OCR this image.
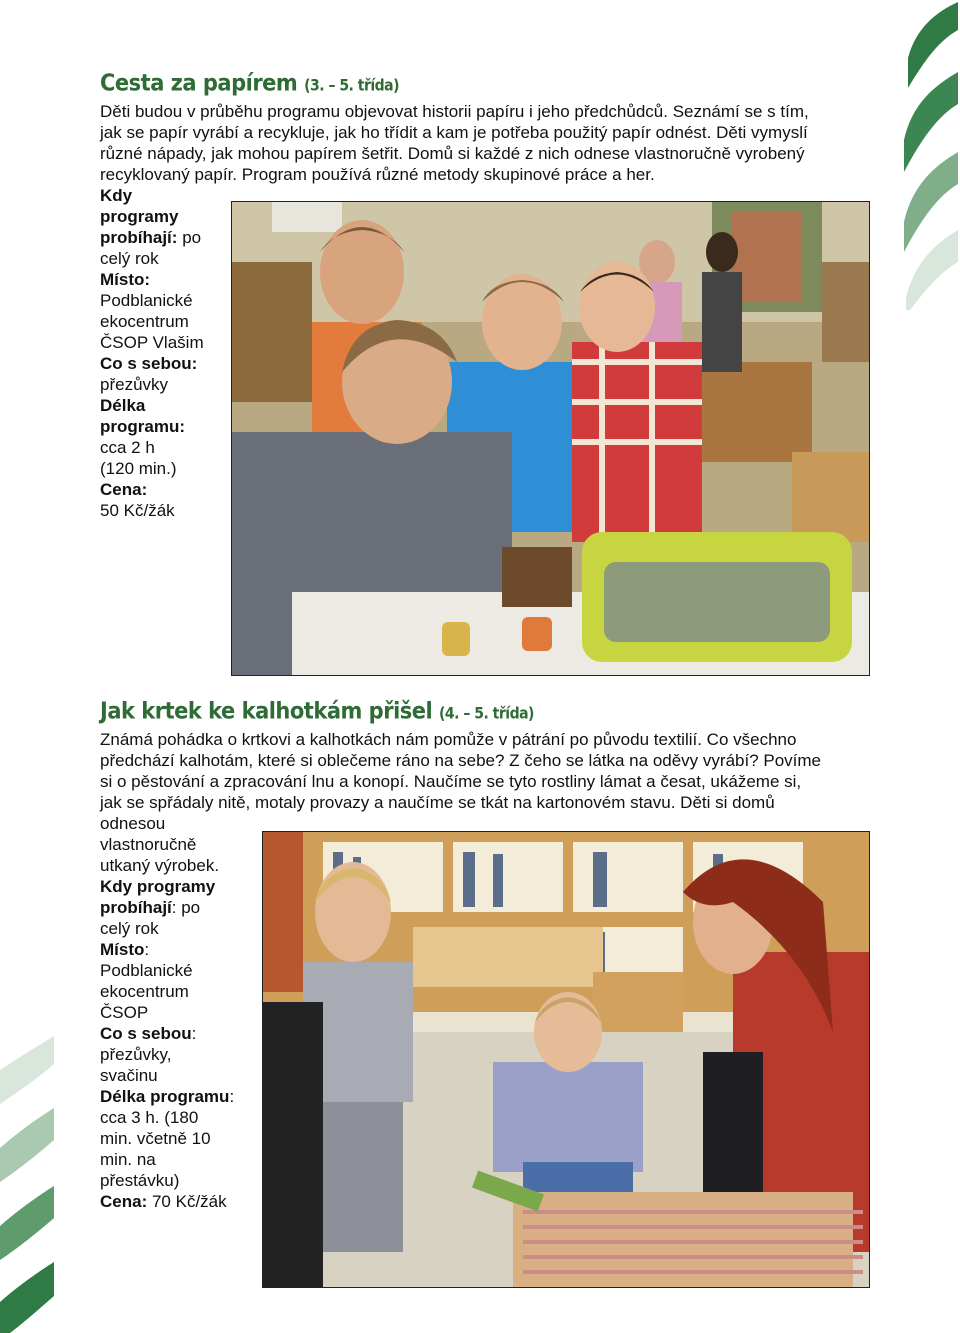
Cesta za papírem (3. – 5. třída)
Děti budou v průběhu programu objevovat historii papíru i jeho předchůdců. Seznámí se s tím,
jak se papír vyrábí a recykluje, jak ho třídit a kam je potřeba použitý papír odnést. Děti vymyslí
různé nápady, jak mohou papírem šetřit. Domů si každé z nich odnese vlastnoručně vyrobený
recyklovaný papír. Program používá různé metody skupinové práce a her.
Kdy
programy
probíhají: po
celý rok
Místo:
Podblanické
ekocentrum
ČSOP Vlašim
Co s sebou:
přezůvky
Délka
programu:
cca 2 h
(120 min.)
Cena:
50 Kč/žák
Jak krtek ke kalhotkám přišel (4. – 5. třída)
Známá pohádka o krtkovi a kalhotkách nám pomůže v pátrání po původu textilií. Co všechno
předchází kalhotám, které si oblečeme ráno na sebe? Z čeho se látka na oděvy vyrábí? Povíme
si o pěstování a zpracování lnu a konopí. Naučíme se tyto rostliny lámat a česat, ukážeme si,
jak se spřádaly nitě, motaly provazy a naučíme se tkát na kartonovém stavu. Děti si domů
odnesou
vlastnoručně
utkaný výrobek.
Kdy programy
probíhají: po
celý rok
Místo:
Podblanické
ekocentrum
ČSOP
Co s sebou:
přezůvky,
svačinu
Délka programu:
cca 3 h. (180
min. včetně 10
min. na
přestávku)
Cena: 70 Kč/žák
